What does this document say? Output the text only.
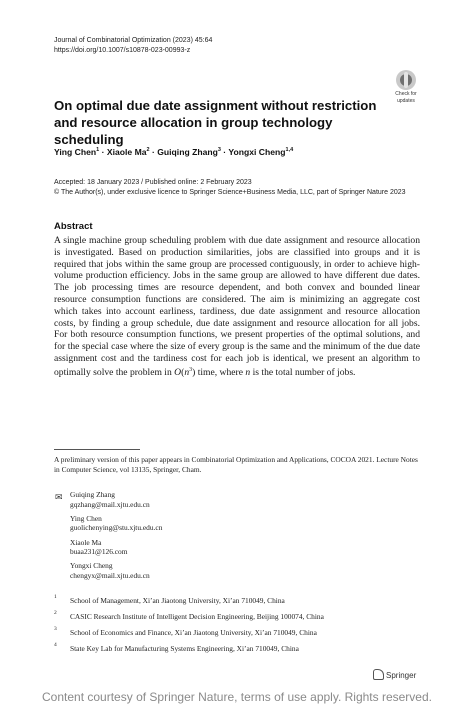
Journal of Combinatorial Optimization (2023) 45:64
https://doi.org/10.1007/s10878-023-00993-z
Check for
updates
On optimal due date assignment without restriction and resource allocation in group technology scheduling
Ying Chen$^1$ · Xiaole $Ma^2$ · Guiqing Zhang$^3$ · Yongxi Cheng$^{1,4}$
Accepted: 18 January 2023 / Published online: 2 February 2023
© The Author(s), under exclusive licence to Springer Science+Business Media, LLC, part of Springer Nature 2023
Abstract
A single machine group scheduling problem with due date assignment and resource allocation is investigated. Based on production similarities, jobs are classified into groups and it is required that jobs within the same group are processed contiguously, in order to achieve high-volume production efficiency. Jobs in the same group are allowed to have different due dates. The job processing times are resource dependent, and both convex and bounded linear resource consumption functions are considered. The aim is minimizing an aggregate cost which takes into account earliness, tardiness, due date assignment and resource allocation costs, by finding a group schedule, due date assignment and resource allocation for all jobs. For both resource consumption functions, we present properties of the optimal solutions, and for the special case where the size of every group is the same and the minimum of the due date assignment cost and the tardiness cost for each job is identical, we present an algorithm to optimally solve the problem in $O(n^3)$ time, where n is the total number of jobs.
A preliminary version of this paper appears in Combinatorial Optimization and Applications, COCOA 2021. Lecture Notes in Computer Science, vol 13135, Springer, Cham.
✉ Guiqing Zhang
gqzhang@mail.xjtu.edu.cn
Ying Chen
guolichenying@stu.xjtu.edu.cn
Xiaole Ma
buaa231@126.com
Yongxi Cheng
chengyx@mail.xjtu.edu.cn
1 School of Management, Xi’an Jiaotong University, Xi’an 710049, China
2 CASIC Research Institute of Intelligent Decision Engineering, Beijing 100074, China
3 School of Economics and Finance, Xi’an Jiaotong University, Xi’an 710049, China
4 State Key Lab for Manufacturing Systems Engineering, Xi’an 710049, China
Springer
Content courtesy of Springer Nature, terms of use apply. Rights reserved.
